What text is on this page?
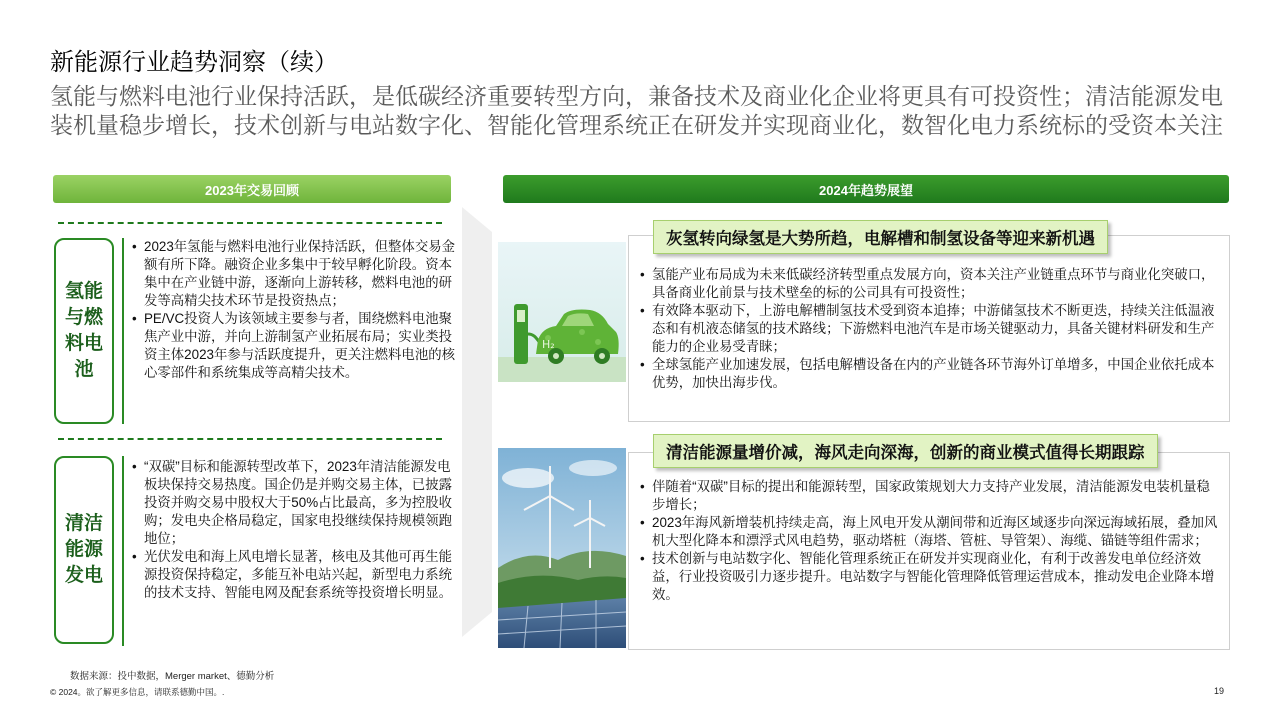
新能源行业趋势洞察（续）
氢能与燃料电池行业保持活跃，是低碳经济重要转型方向，兼备技术及商业化企业将更具有可投资性；清洁能源发电装机量稳步增长，技术创新与电站数字化、智能化管理系统正在研发并实现商业化，数智化电力系统标的受资本关注
2023年交易回顾	2024年趋势展望
氢能
与燃
料电
池
• 2023年氢能与燃料电池行业保持活跃，但整体交易金额有所下降。融资企业多集中于较早孵化阶段。资本集中在产业链中游，逐渐向上游转移，燃料电池的研发等高精尖技术环节是投资热点；
• PE/VC投资人为该领域主要参与者，围绕燃料电池聚焦产业中游，并向上游制氢产业拓展布局；实业类投资主体2023年参与活跃度提升，更关注燃料电池的核心零部件和系统集成等高精尖技术。
清洁
能源
发电
• “双碳”目标和能源转型改革下，2023年清洁能源发电板块保持交易热度。国企仍是并购交易主体，已披露投资并购交易中股权大于50%占比最高，多为控股收购；发电央企格局稳定，国家电投继续保持规模领跑地位；
• 光伏发电和海上风电增长显著，核电及其他可再生能源投资保持稳定，多能互补电站兴起，新型电力系统的技术支持、智能电网及配套系统等投资增长明显。
H₂
灰氢转向绿氢是大势所趋，电解槽和制氢设备等迎来新机遇
• 氢能产业布局成为未来低碳经济转型重点发展方向，资本关注产业链重点环节与商业化突破口，具备商业化前景与技术壁垒的标的公司具有可投资性；
• 有效降本驱动下，上游电解槽制氢技术受到资本追捧；中游储氢技术不断更迭，持续关注低温液态和有机液态储氢的技术路线；下游燃料电池汽车是市场关键驱动力，具备关键材料研发和生产能力的企业易受青睐；
• 全球氢能产业加速发展，包括电解槽设备在内的产业链各环节海外订单增多，中国企业依托成本优势，加快出海步伐。
清洁能源量增价减，海风走向深海，创新的商业模式值得长期跟踪
• 伴随着“双碳”目标的提出和能源转型，国家政策规划大力支持产业发展，清洁能源发电装机量稳步增长；
• 2023年海风新增装机持续走高，海上风电开发从潮间带和近海区域逐步向深远海域拓展，叠加风机大型化降本和漂浮式风电趋势，驱动塔桩（海塔、管桩、导管架）、海缆、锚链等组件需求；
• 技术创新与电站数字化、智能化管理系统正在研发并实现商业化，有利于改善发电单位经济效益，行业投资吸引力逐步提升。电站数字与智能化管理降低管理运营成本，推动发电企业降本增效。
数据来源：投中数据，Merger market、德勤分析
© 2024。欲了解更多信息，请联系德勤中国。.	19
